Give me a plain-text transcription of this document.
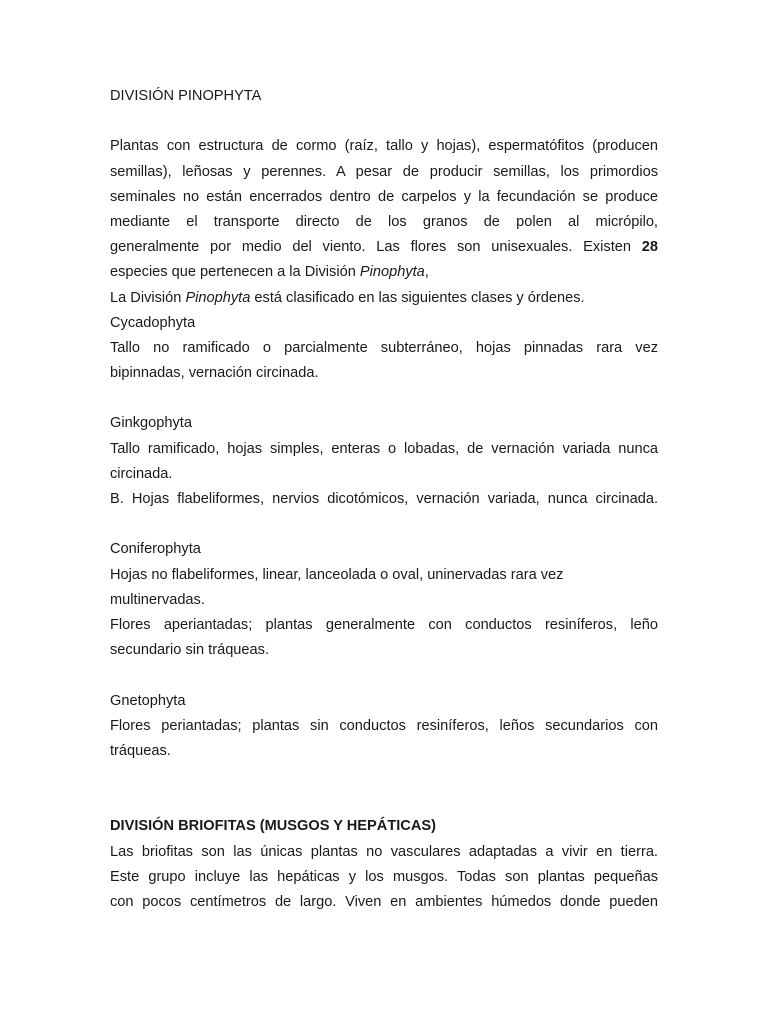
DIVISIÓN PINOPHYTA
Plantas con estructura de cormo (raíz, tallo y hojas), espermatófitos (producen
semillas), leñosas y perennes. A pesar de producir semillas, los primordios
seminales no están encerrados dentro de carpelos y la fecundación se produce
mediante el transporte directo de los granos de polen al micrópilo,
generalmente por medio del viento. Las flores son unisexuales. Existen 28
especies que pertenecen a la División Pinophyta,
La División Pinophyta está clasificado en las siguientes clases y órdenes.
Cycadophyta
Tallo no ramificado o parcialmente subterráneo, hojas pinnadas rara vez
bipinnadas, vernación circinada.
Ginkgophyta
Tallo ramificado, hojas simples, enteras o lobadas, de vernación variada nunca
circinada.
B. Hojas flabeliformes, nervios dicotómicos, vernación variada, nunca circinada.
Coniferophyta
Hojas no flabeliformes, linear, lanceolada o oval, uninervadas rara vez
multinervadas.
Flores aperiantadas; plantas generalmente con conductos resiníferos, leño
secundario sin tráqueas.
Gnetophyta
Flores periantadas; plantas sin conductos resiníferos, leños secundarios con
tráqueas.
DIVISIÓN BRIOFITAS (MUSGOS Y HEPÁTICAS)
Las briofitas son las únicas plantas no vasculares adaptadas a vivir en tierra.
Este grupo incluye las hepáticas y los musgos. Todas son plantas pequeñas
con pocos centímetros de largo. Viven en ambientes húmedos donde pueden
